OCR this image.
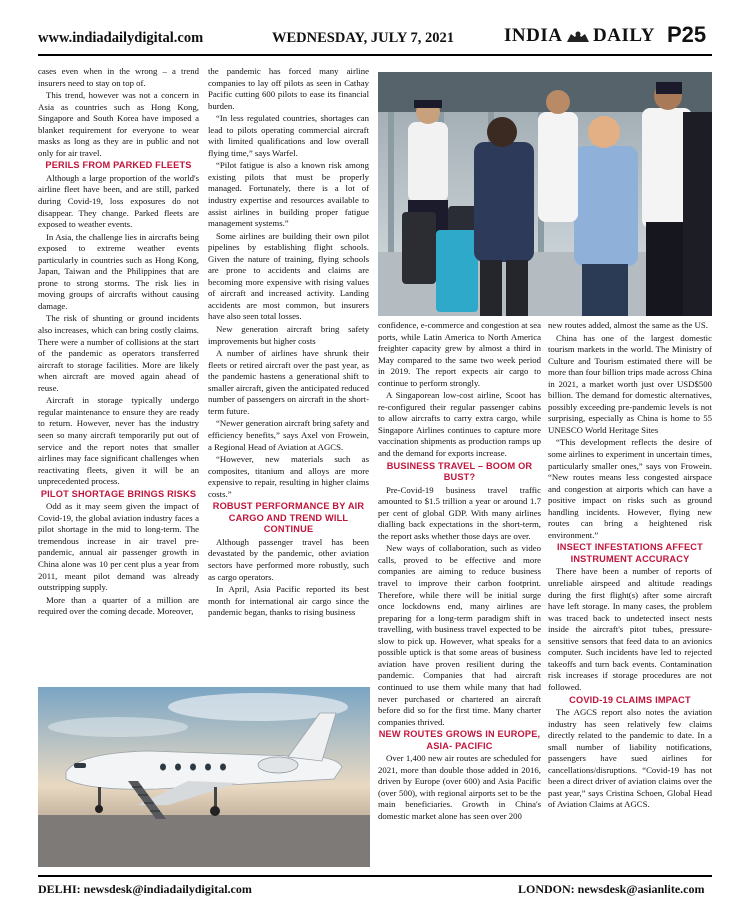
www.indiadailydigital.com	WEDNESDAY, JULY 7, 2021	INDIA DAILY P25

cases even when in the wrong – a trend insurers need to stay on top of.

This trend, however was not a concern in Asia as countries such as Hong Kong, Singapore and South Korea have imposed a blanket requirement for everyone to wear masks as long as they are in public and not only for air travel.

PERILS FROM PARKED FLEETS

Although a large proportion of the world's airline fleet have been, and are still, parked during Covid-19, loss exposures do not disappear. They change. Parked fleets are exposed to weather events.

In Asia, the challenge lies in aircrafts being exposed to extreme weather events particularly in countries such as Hong Kong, Japan, Taiwan and the Philippines that are prone to strong storms. The risk lies in moving groups of aircrafts without causing damage.

The risk of shunting or ground incidents also increases, which can bring costly claims. There were a number of collisions at the start of the pandemic as operators transferred aircraft to storage facilities. More are likely when aircraft are moved again ahead of reuse.

Aircraft in storage typically undergo regular maintenance to ensure they are ready to return. However, never has the industry seen so many aircraft temporarily put out of service and the report notes that smaller airlines may face significant challenges when reactivating fleets, given it will be an unprecedented process.

PILOT SHORTAGE BRINGS RISKS

Odd as it may seem given the impact of Covid-19, the global aviation industry faces a pilot shortage in the mid to long-term. The tremendous increase in air travel pre-pandemic, annual air passenger growth in China alone was 10 per cent plus a year from 2011, meant pilot demand was already outstripping supply.

More than a quarter of a million are required over the coming decade. Moreover,

the pandemic has forced many airline companies to lay off pilots as seen in Cathay Pacific cutting 600 pilots to ease its financial burden.

“In less regulated countries, shortages can lead to pilots operating commercial aircraft with limited qualifications and low overall flying time,” says Warfel.

“Pilot fatigue is also a known risk among existing pilots that must be properly managed. Fortunately, there is a lot of industry expertise and resources available to assist airlines in building proper fatigue management systems.”

Some airlines are building their own pilot pipelines by establishing flight schools. Given the nature of training, flying schools are prone to accidents and claims are becoming more expensive with rising values of aircraft and increased activity. Landing accidents are most common, but insurers have also seen total losses.

New generation aircraft bring safety improvements but higher costs

A number of airlines have shrunk their fleets or retired aircraft over the past year, as the pandemic hastens a generational shift to smaller aircraft, given the anticipated reduced number of passengers on aircraft in the short-term future.

“Newer generation aircraft bring safety and efficiency benefits,” says Axel von Frowein, a Regional Head of Aviation at AGCS.

“However, new materials such as composites, titanium and alloys are more expensive to repair, resulting in higher claims costs.”

ROBUST PERFORMANCE BY AIR CARGO AND TREND WILL CONTINUE

Although passenger travel has been devastated by the pandemic, other aviation sectors have performed more robustly, such as cargo operators.

In April, Asia Pacific reported its best month for international air cargo since the pandemic began, thanks to rising business

confidence, e-commerce and congestion at sea ports, while Latin America to North America freighter capacity grew by almost a third in May compared to the same two week period in 2019. The report expects air cargo to continue to perform strongly.

A Singaporean low-cost airline, Scoot has re-configured their regular passenger cabins to allow aircrafts to carry extra cargo, while Singapore Airlines continues to capture more vaccination shipments as production ramps up and the demand for exports increase.

BUSINESS TRAVEL – BOOM OR BUST?

Pre-Covid-19 business travel traffic amounted to $1.5 trillion a year or around 1.7 per cent of global GDP. With many airlines dialling back expectations in the short-term, the report asks whether those days are over.

New ways of collaboration, such as video calls, proved to be effective and more companies are aiming to reduce business travel to improve their carbon footprint. Therefore, while there will be initial surge once lockdowns end, many airlines are preparing for a long-term paradigm shift in travelling, with business travel expected to be slow to pick up. However, what speaks for a possible uptick is that some areas of business aviation have proven resilient during the pandemic. Companies that had aircraft continued to use them while many that had never purchased or chartered an aircraft before did so for the first time. Many charter companies thrived.

NEW ROUTES GROWS IN EUROPE, ASIA- PACIFIC

Over 1,400 new air routes are scheduled for 2021, more than double those added in 2016, driven by Europe (over 600) and Asia Pacific (over 500), with regional airports set to be the main beneficiaries. Growth in China's domestic market alone has seen over 200

new routes added, almost the same as the US.

China has one of the largest domestic tourism markets in the world. The Ministry of Culture and Tourism estimated there will be more than four billion trips made across China in 2021, a market worth just over USD$500 billion. The demand for domestic alternatives, possibly exceeding pre-pandemic levels is not surprising, especially as China is home to 55 UNESCO World Heritage Sites

“This development reflects the desire of some airlines to experiment in uncertain times, particularly smaller ones,” says von Frowein. “New routes means less congested airspace and congestion at airports which can have a positive impact on risks such as ground handling incidents. However, flying new routes can bring a heightened risk environment.”

INSECT INFESTATIONS AFFECT INSTRUMENT ACCURACY

There have been a number of reports of unreliable airspeed and altitude readings during the first flight(s) after some aircraft have left storage. In many cases, the problem was traced back to undetected insect nests inside the aircraft's pitot tubes, pressure-sensitive sensors that feed data to an avionics computer. Such incidents have led to rejected takeoffs and turn back events. Contamination risk increases if storage procedures are not followed.

COVID-19 CLAIMS IMPACT

The AGCS report also notes the aviation industry has seen relatively few claims directly related to the pandemic to date. In a small number of liability notifications, passengers have sued airlines for cancellations/disruptions. “Covid-19 has not been a direct driver of aviation claims over the past year,” says Cristina Schoen, Global Head of Aviation Claims at AGCS.

DELHI: newsdesk@indiadailydigital.com	LONDON: newsdesk@asianlite.com
